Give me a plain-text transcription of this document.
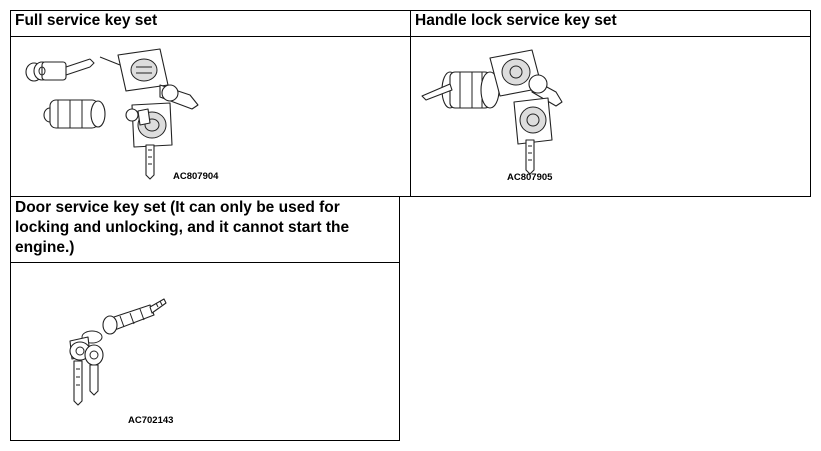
Full service key set	Handle lock service key set
Door service key set (It can only be used for locking and unlocking, and it cannot start the engine.)
AC807904	AC807905
AC702143
